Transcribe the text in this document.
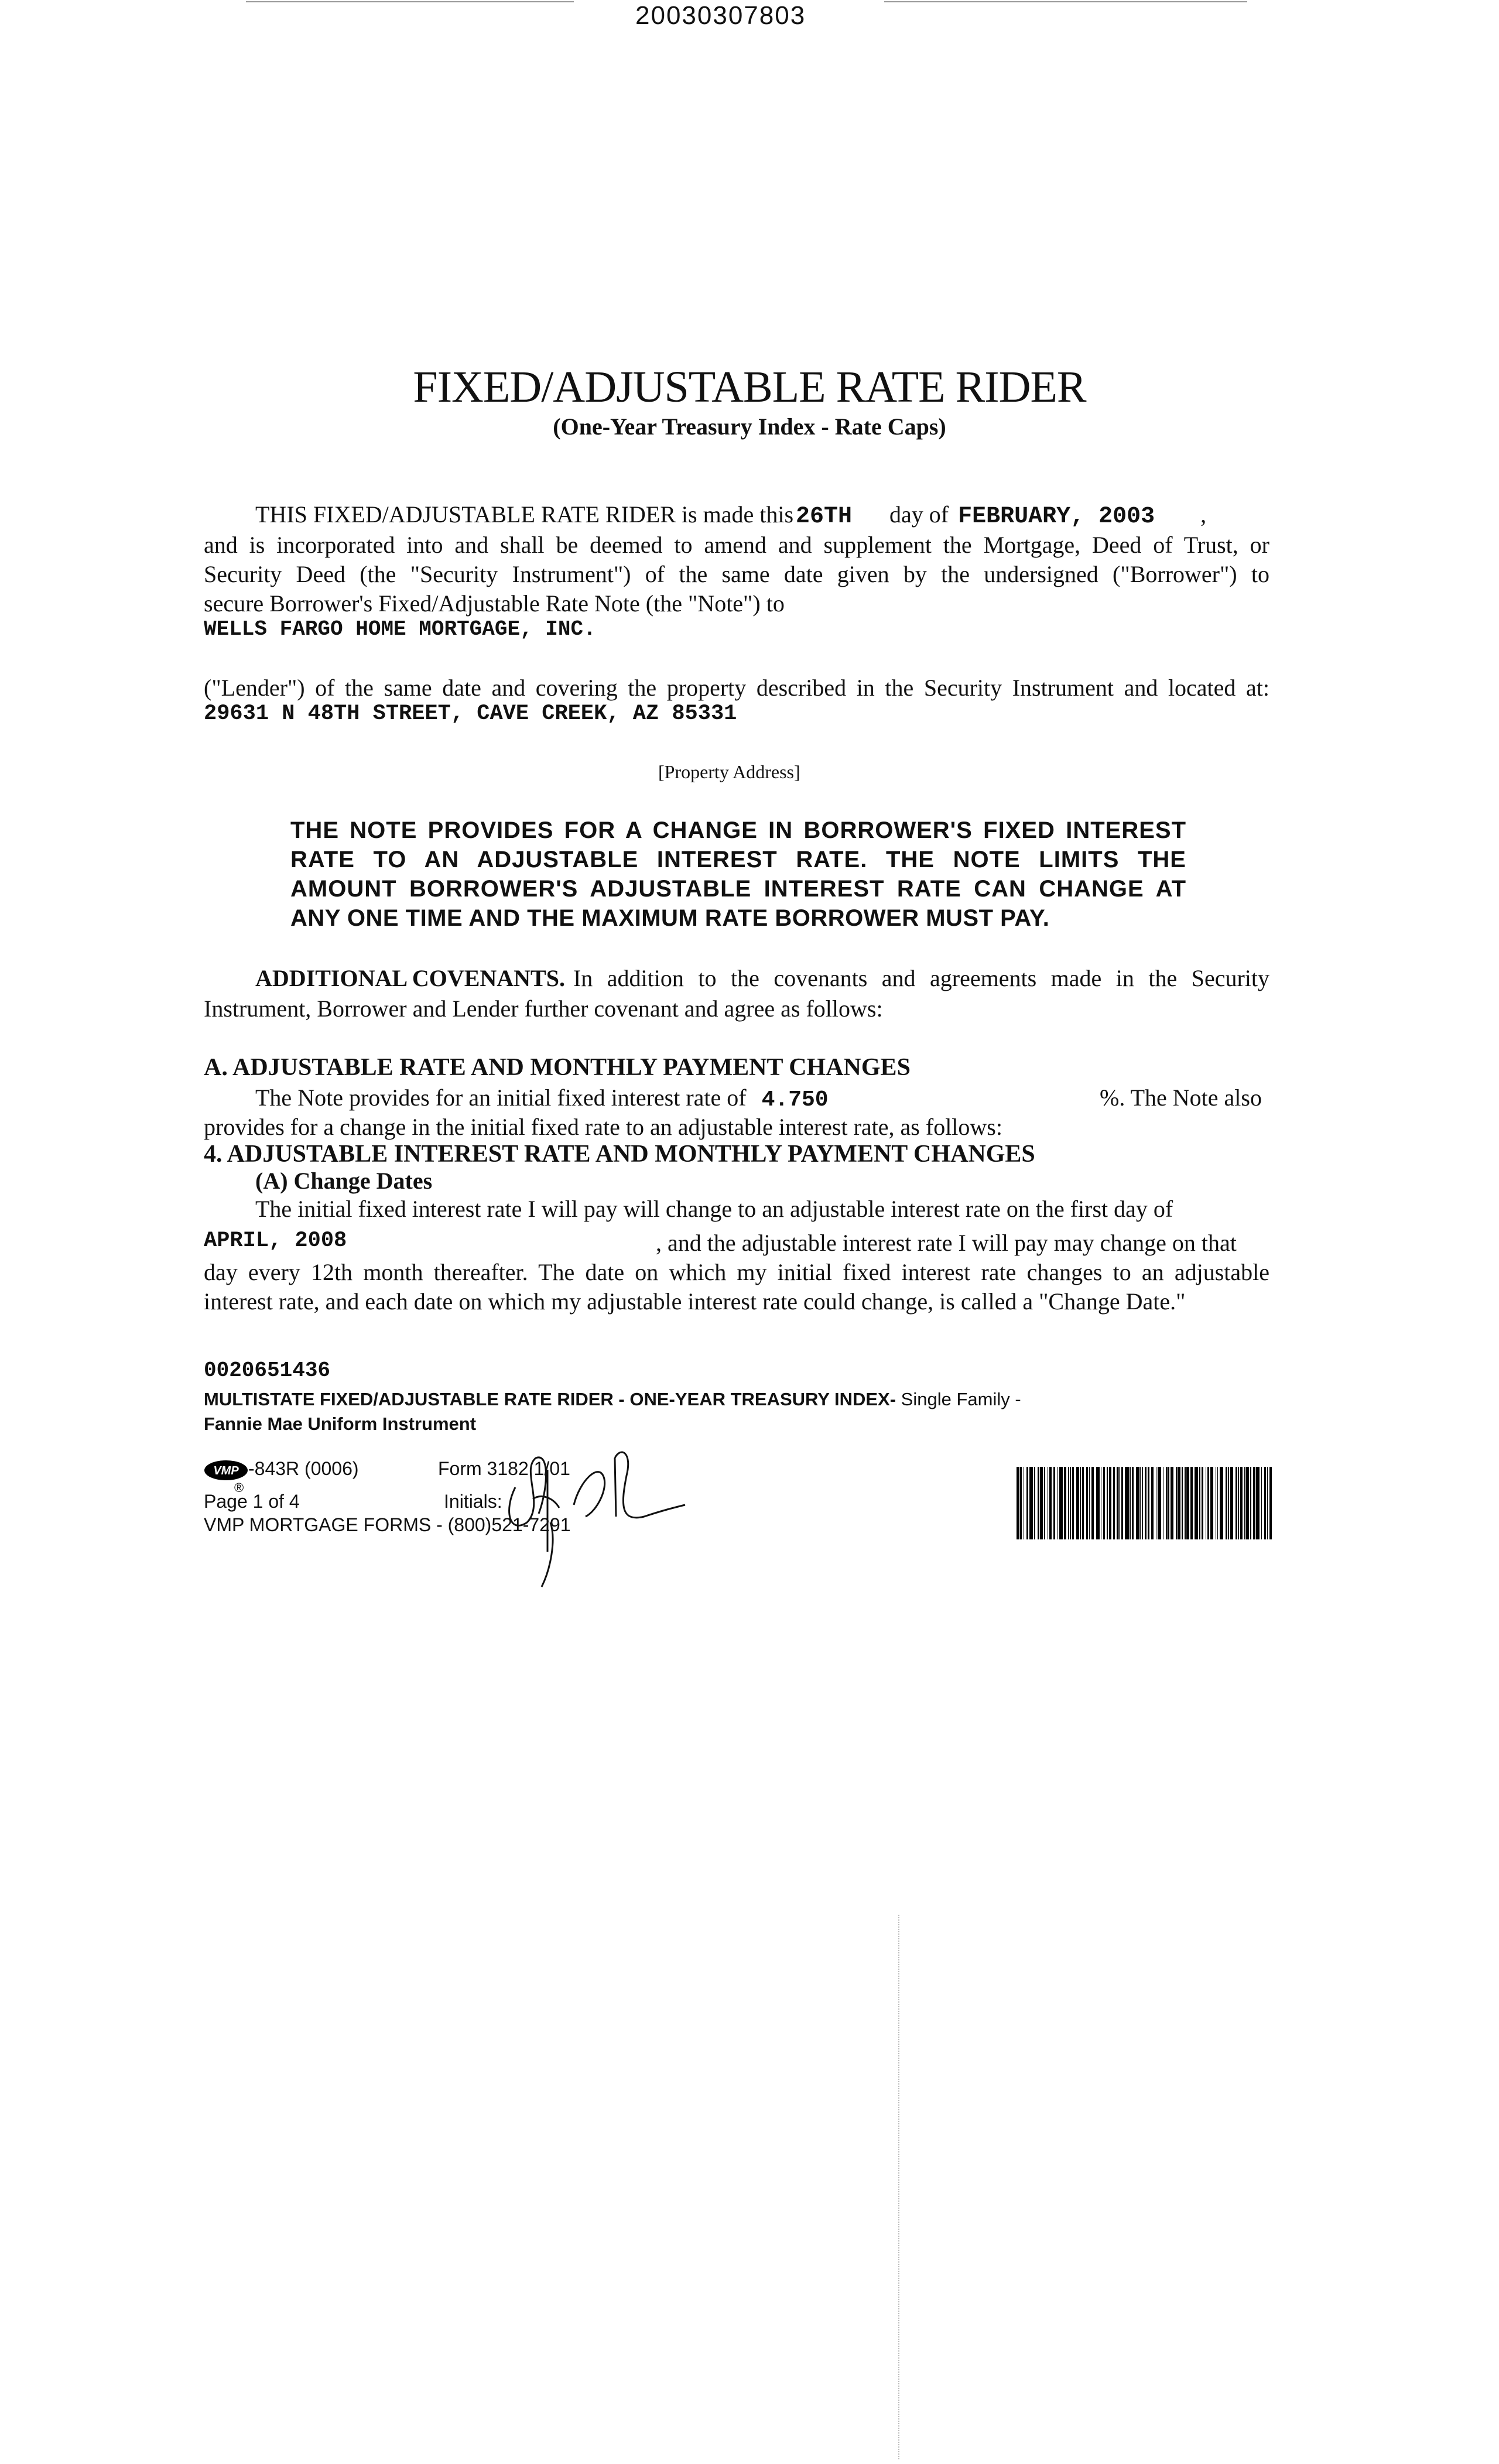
20030307803
FIXED/ADJUSTABLE RATE RIDER
(One-Year Treasury Index - Rate Caps)
THIS FIXED/ADJUSTABLE RATE RIDER is made this 26TH day of FEBRUARY, 2003 ,
and is incorporated into and shall be deemed to amend and supplement the Mortgage, Deed of Trust, or
Security Deed (the "Security Instrument") of the same date given by the undersigned ("Borrower") to
secure Borrower's Fixed/Adjustable Rate Note (the "Note") to
WELLS FARGO HOME MORTGAGE, INC.
("Lender") of the same date and covering the property described in the Security Instrument and located at:
29631 N 48TH STREET, CAVE CREEK, AZ 85331
[Property Address]
THE NOTE PROVIDES FOR A CHANGE IN BORROWER'S FIXED INTEREST
RATE TO AN ADJUSTABLE INTEREST RATE. THE NOTE LIMITS THE
AMOUNT BORROWER'S ADJUSTABLE INTEREST RATE CAN CHANGE AT
ANY ONE TIME AND THE MAXIMUM RATE BORROWER MUST PAY.
ADDITIONAL COVENANTS. In addition to the covenants and agreements made in the Security
Instrument, Borrower and Lender further covenant and agree as follows:
A. ADJUSTABLE RATE AND MONTHLY PAYMENT CHANGES
The Note provides for an initial fixed interest rate of 4.750	%. The Note also
provides for a change in the initial fixed rate to an adjustable interest rate, as follows:
4. ADJUSTABLE INTEREST RATE AND MONTHLY PAYMENT CHANGES
(A) Change Dates
The initial fixed interest rate I will pay will change to an adjustable interest rate on the first day of
APRIL, 2008	, and the adjustable interest rate I will pay may change on that
day every 12th month thereafter. The date on which my initial fixed interest rate changes to an adjustable
interest rate, and each date on which my adjustable interest rate could change, is called a "Change Date."
0020651436
MULTISTATE FIXED/ADJUSTABLE RATE RIDER - ONE-YEAR TREASURY INDEX- Single Family -
Fannie Mae Uniform Instrument
VMP
®
-843R (0006)	Form 3182 1/01
Page 1 of 4	Initials:
VMP MORTGAGE FORMS - (800)521-7291
